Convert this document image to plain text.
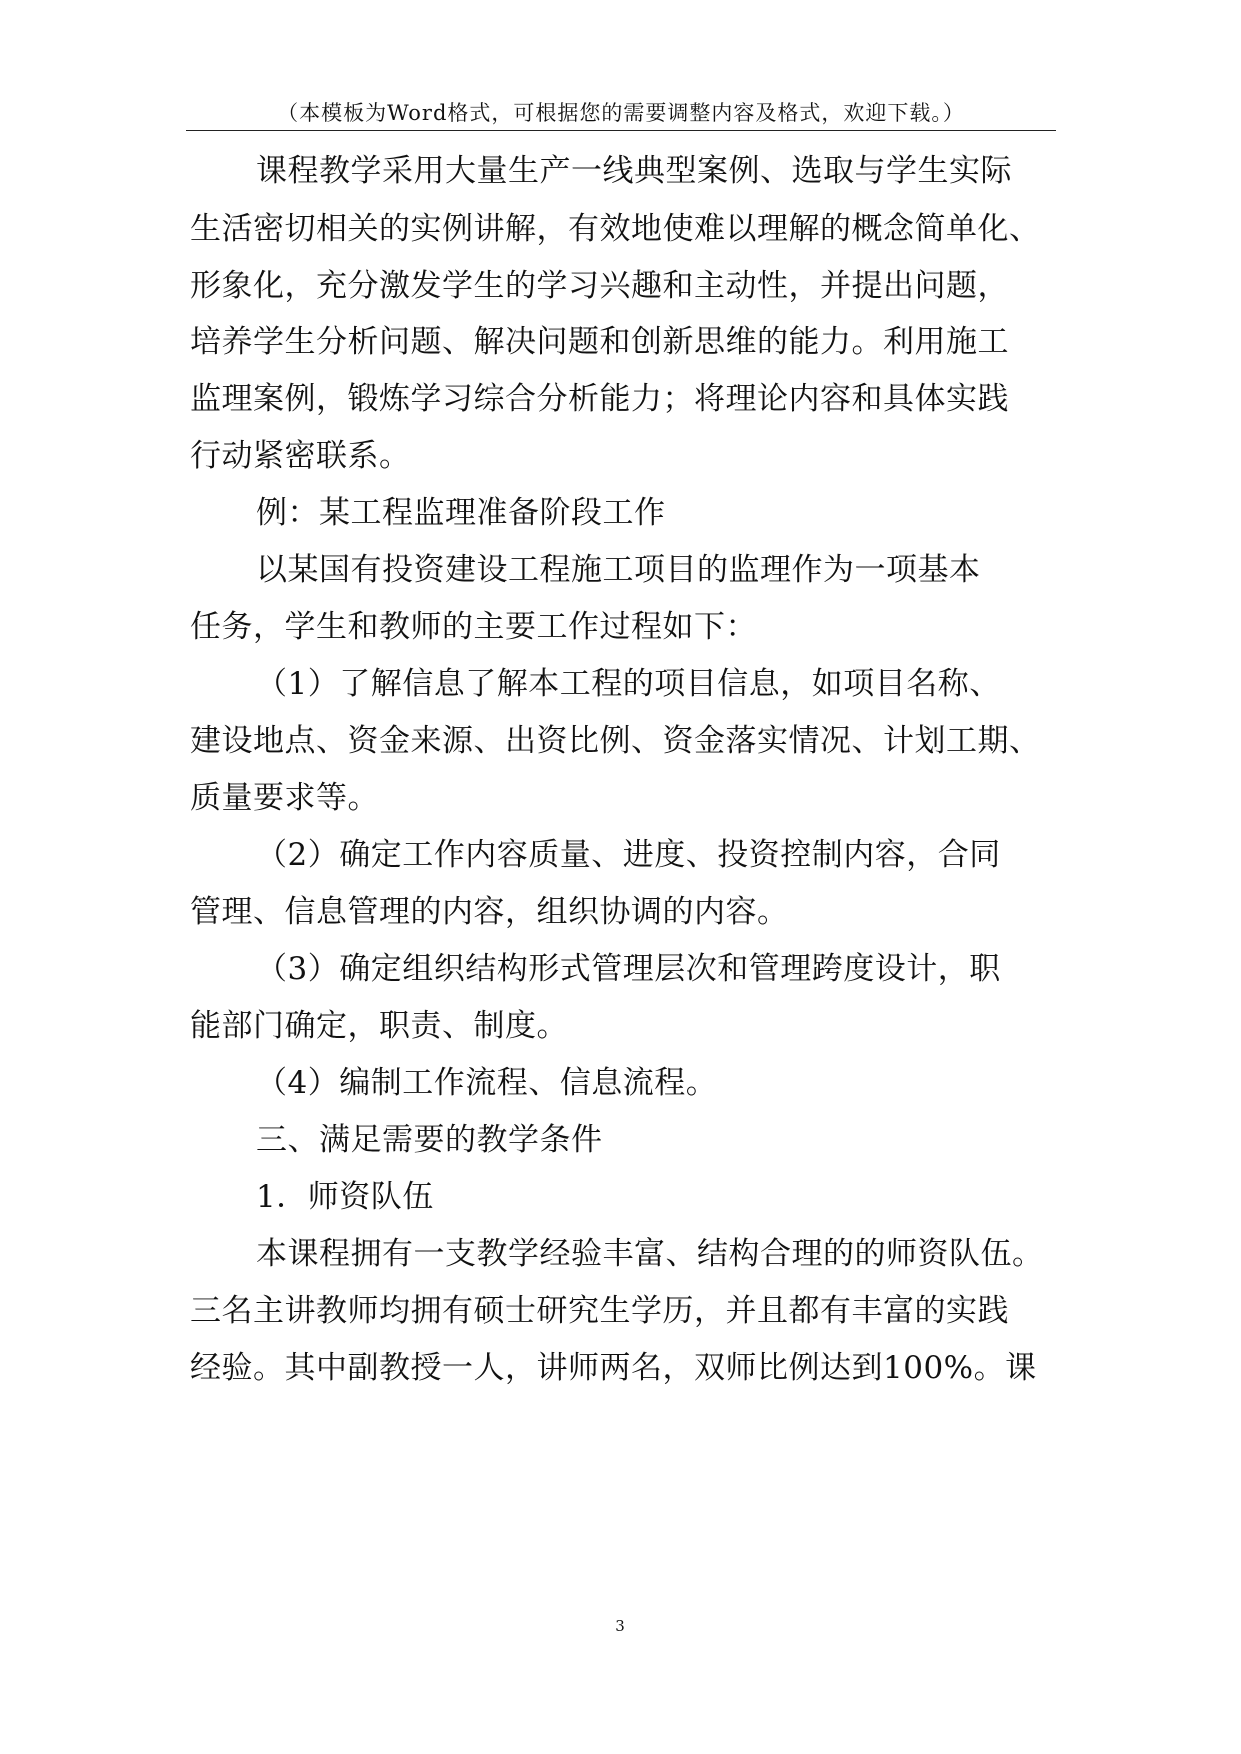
（本模板为Word格式，可根据您的需要调整内容及格式，欢迎下载。）
课程教学采用大量生产一线典型案例、选取与学生实际
生活密切相关的实例讲解，有效地使难以理解的概念简单化、
形象化，充分激发学生的学习兴趣和主动性，并提出问题，
培养学生分析问题、解决问题和创新思维的能力。利用施工
监理案例，锻炼学习综合分析能力；将理论内容和具体实践
行动紧密联系。
例：某工程监理准备阶段工作
以某国有投资建设工程施工项目的监理作为一项基本
任务，学生和教师的主要工作过程如下：
（1）了解信息了解本工程的项目信息，如项目名称、
建设地点、资金来源、出资比例、资金落实情况、计划工期、
质量要求等。
（2）确定工作内容质量、进度、投资控制内容，合同
管理、信息管理的内容，组织协调的内容。
（3）确定组织结构形式管理层次和管理跨度设计，职
能部门确定，职责、制度。
（4）编制工作流程、信息流程。
三、满足需要的教学条件
1．师资队伍
本课程拥有一支教学经验丰富、结构合理的的师资队伍。
三名主讲教师均拥有硕士研究生学历，并且都有丰富的实践
经验。其中副教授一人，讲师两名，双师比例达到100%。课
3
